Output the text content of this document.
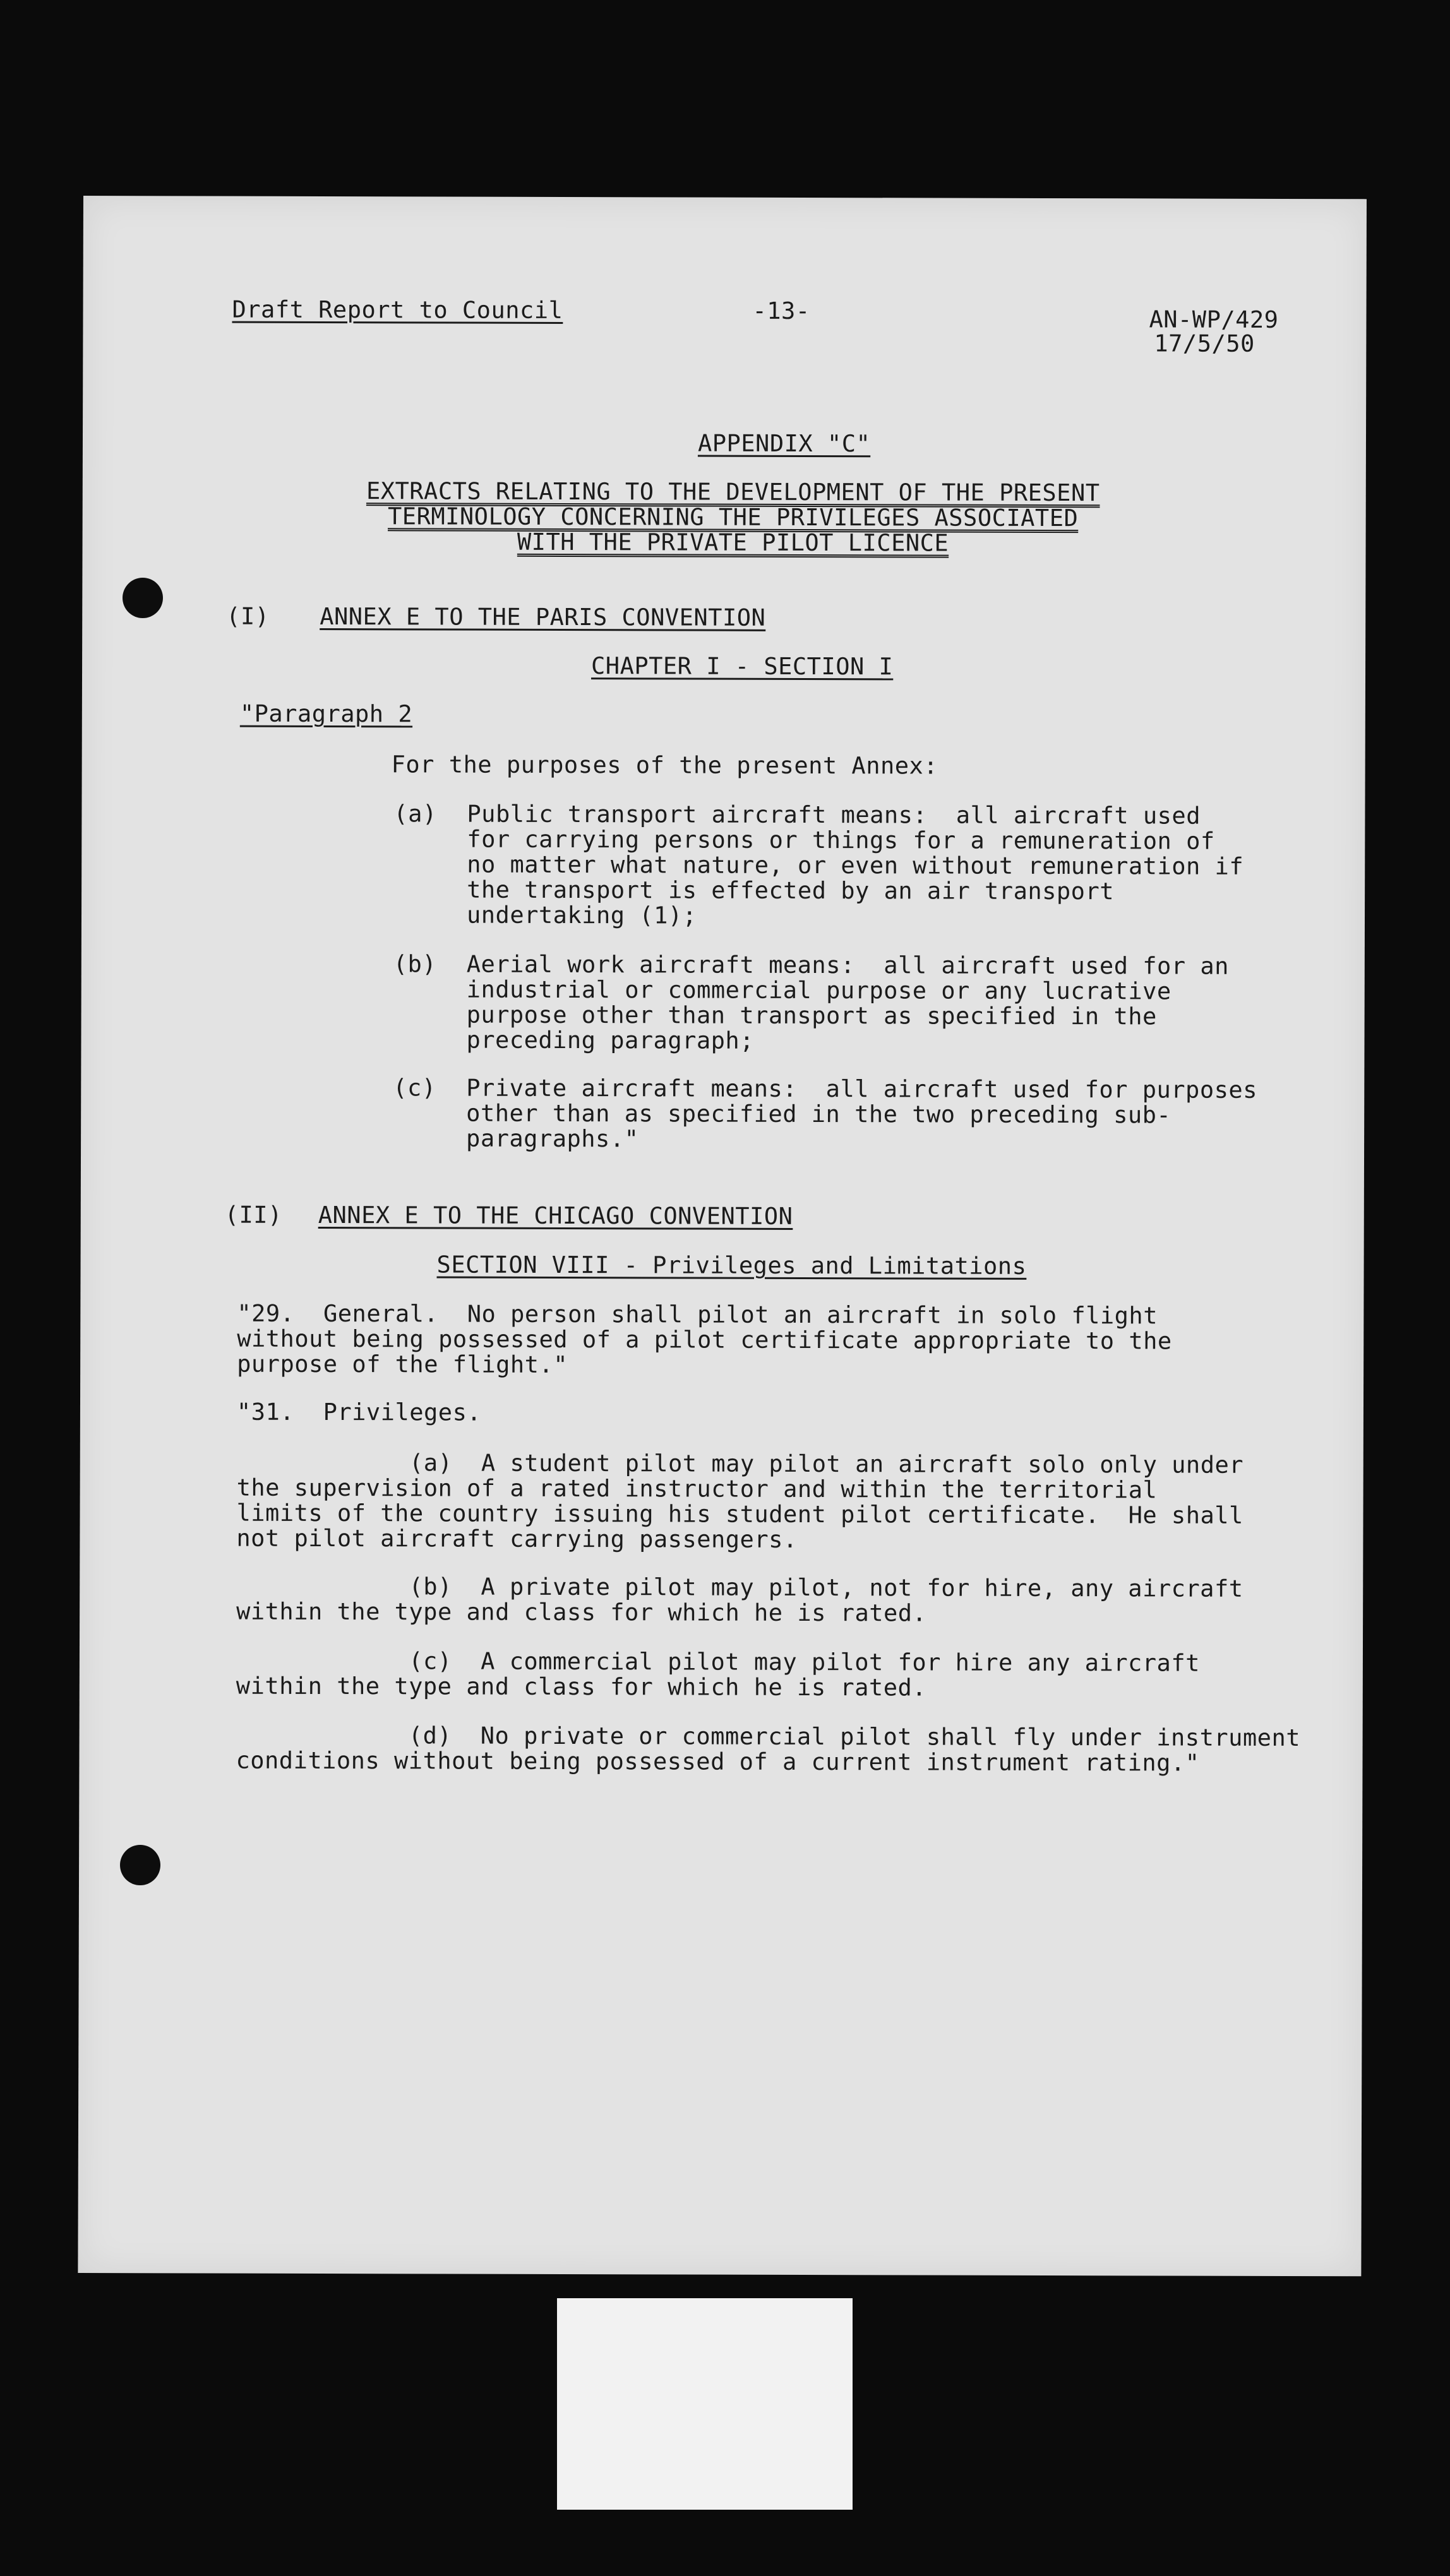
Draft Report to Council	-13-	AN-WP/429
17/5/50
APPENDIX "C"
EXTRACTS RELATING TO THE DEVELOPMENT OF THE PRESENT
TERMINOLOGY CONCERNING THE PRIVILEGES ASSOCIATED
WITH THE PRIVATE PILOT LICENCE
(I) ANNEX E TO THE PARIS CONVENTION
CHAPTER I - SECTION I
"Paragraph 2
For the purposes of the present Annex:
(a) Public transport aircraft means:  all aircraft used
for carrying persons or things for a remuneration of
no matter what nature, or even without remuneration if
the transport is effected by an air transport
undertaking (1);
(b) Aerial work aircraft means:  all aircraft used for an
industrial or commercial purpose or any lucrative
purpose other than transport as specified in the
preceding paragraph;
(c) Private aircraft means:  all aircraft used for purposes
other than as specified in the two preceding sub-
paragraphs."
(II) ANNEX E TO THE CHICAGO CONVENTION
SECTION VIII - Privileges and Limitations
"29.  General.  No person shall pilot an aircraft in solo flight
without being possessed of a pilot certificate appropriate to the
purpose of the flight."
"31.  Privileges.
(a)  A student pilot may pilot an aircraft solo only under
the supervision of a rated instructor and within the territorial
limits of the country issuing his student pilot certificate.  He shall
not pilot aircraft carrying passengers.
(b)  A private pilot may pilot, not for hire, any aircraft
within the type and class for which he is rated.
(c)  A commercial pilot may pilot for hire any aircraft
within the type and class for which he is rated.
(d)  No private or commercial pilot shall fly under instrument
conditions without being possessed of a current instrument rating."
